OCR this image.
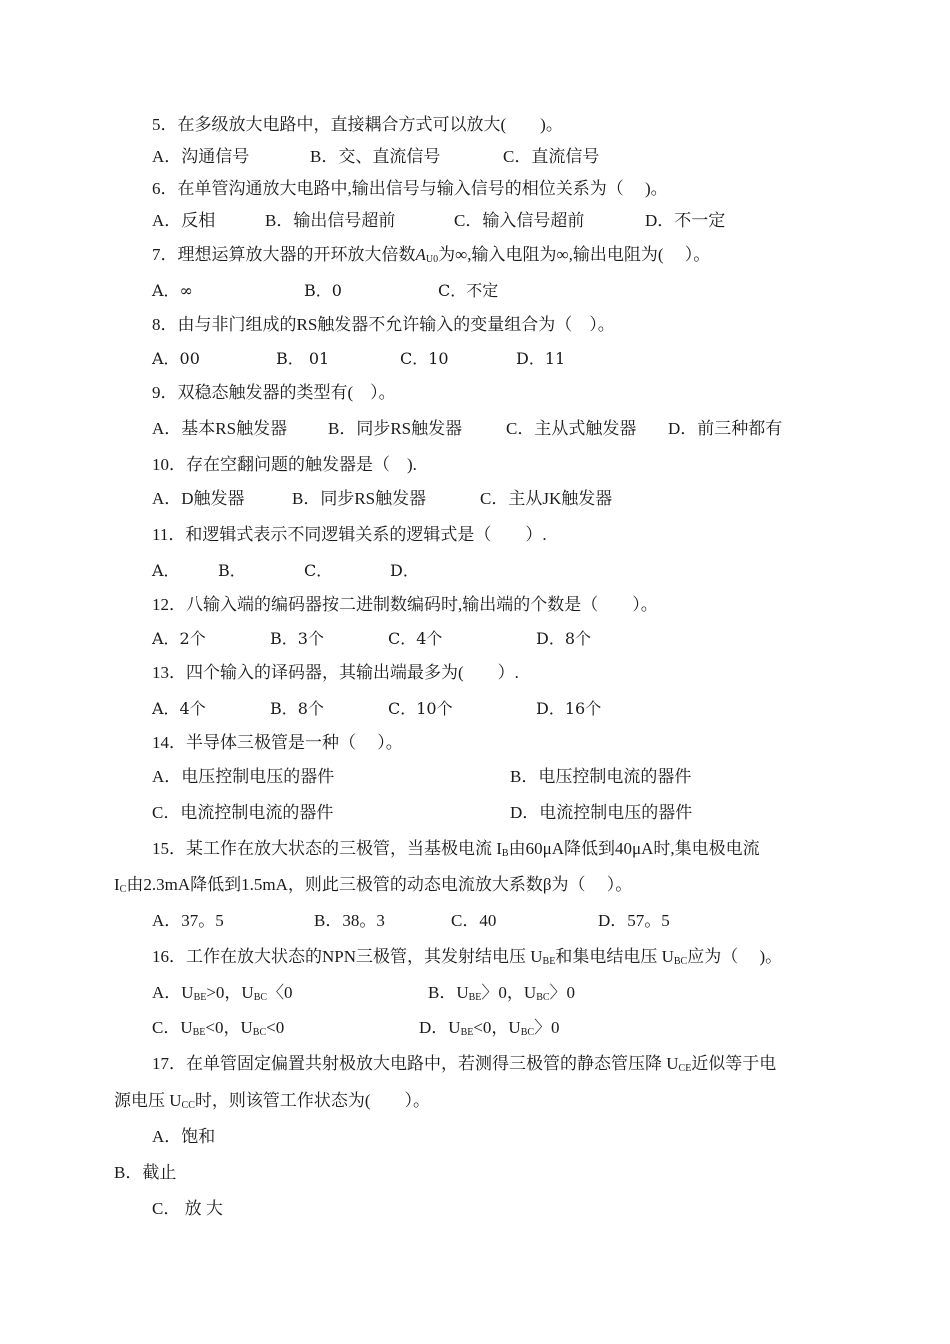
5．在多级放大电路中，直接耦合方式可以放大(　　)。
A．沟通信号	B．交、直流信号	C．直流信号
6．在单管沟通放大电路中,输出信号与输入信号的相位关系为（　 )。
A．反相	B．输出信号超前	C．输入信号超前	D．不一定
7．理想运算放大器的开环放大倍数$A_{U0}$为∞,输入电阻为∞,输出电阻为(　 ）。
A．∞	B．0	C．不定
8．由与非门组成的RS触发器不允许输入的变量组合为（　）。
A．00	B． 01	C．10	D．11
9．双稳态触发器的类型有(　）。
A．基本RS触发器 B．同步RS触发器	C．主从式触发器 D．前三种都有
10．存在空翻问题的触发器是（　).
A．D触发器	B．同步RS触发器	C．主从JK触发器
11．和逻辑式表示不同逻辑关系的逻辑式是（　　）.
A． B．	C．	D．
12．八输入端的编码器按二进制数编码时,输出端的个数是（　　）。
A．2个	B．3个	C．4个	D．8个
13．四个输入的译码器，其输出端最多为(　　）.
A．4个	B．8个	C．10个	D．16个
14．半导体三极管是一种（　 ）。
A．电压控制电压的器件	B．电压控制电流的器件
C．电流控制电流的器件	D．电流控制电压的器件
15．某工作在放大状态的三极管，当基极电流 $I_B$由60μA降低到40μA时,集电极电流
$I_C$由2.3mA降低到1.5mA，则此三极管的动态电流放大系数β为（　 ）。
A．37。5	B．38。3	C．40	D．57。5
16．工作在放大状态的NPN三极管，其发射结电压 $U_{BE}$和集电结电压 $U_{BC}$应为（　 )。
A．$U_{BE}>0$，$U_{BC}$〈0	B．$U_{BE}$〉0，$U_{BC}$〉0
C．$U_{BE}<0$，$U_{BC}<0$	D．$U_{BE}<0$，$U_{BC}$〉0
17．在单管固定偏置共射极放大电路中，若测得三极管的静态管压降 $U_{CE}$近似等于电
源电压 $U_{CC}$时，则该管工作状态为(　　）。
A．饱和
B．截止
C． 放 大
